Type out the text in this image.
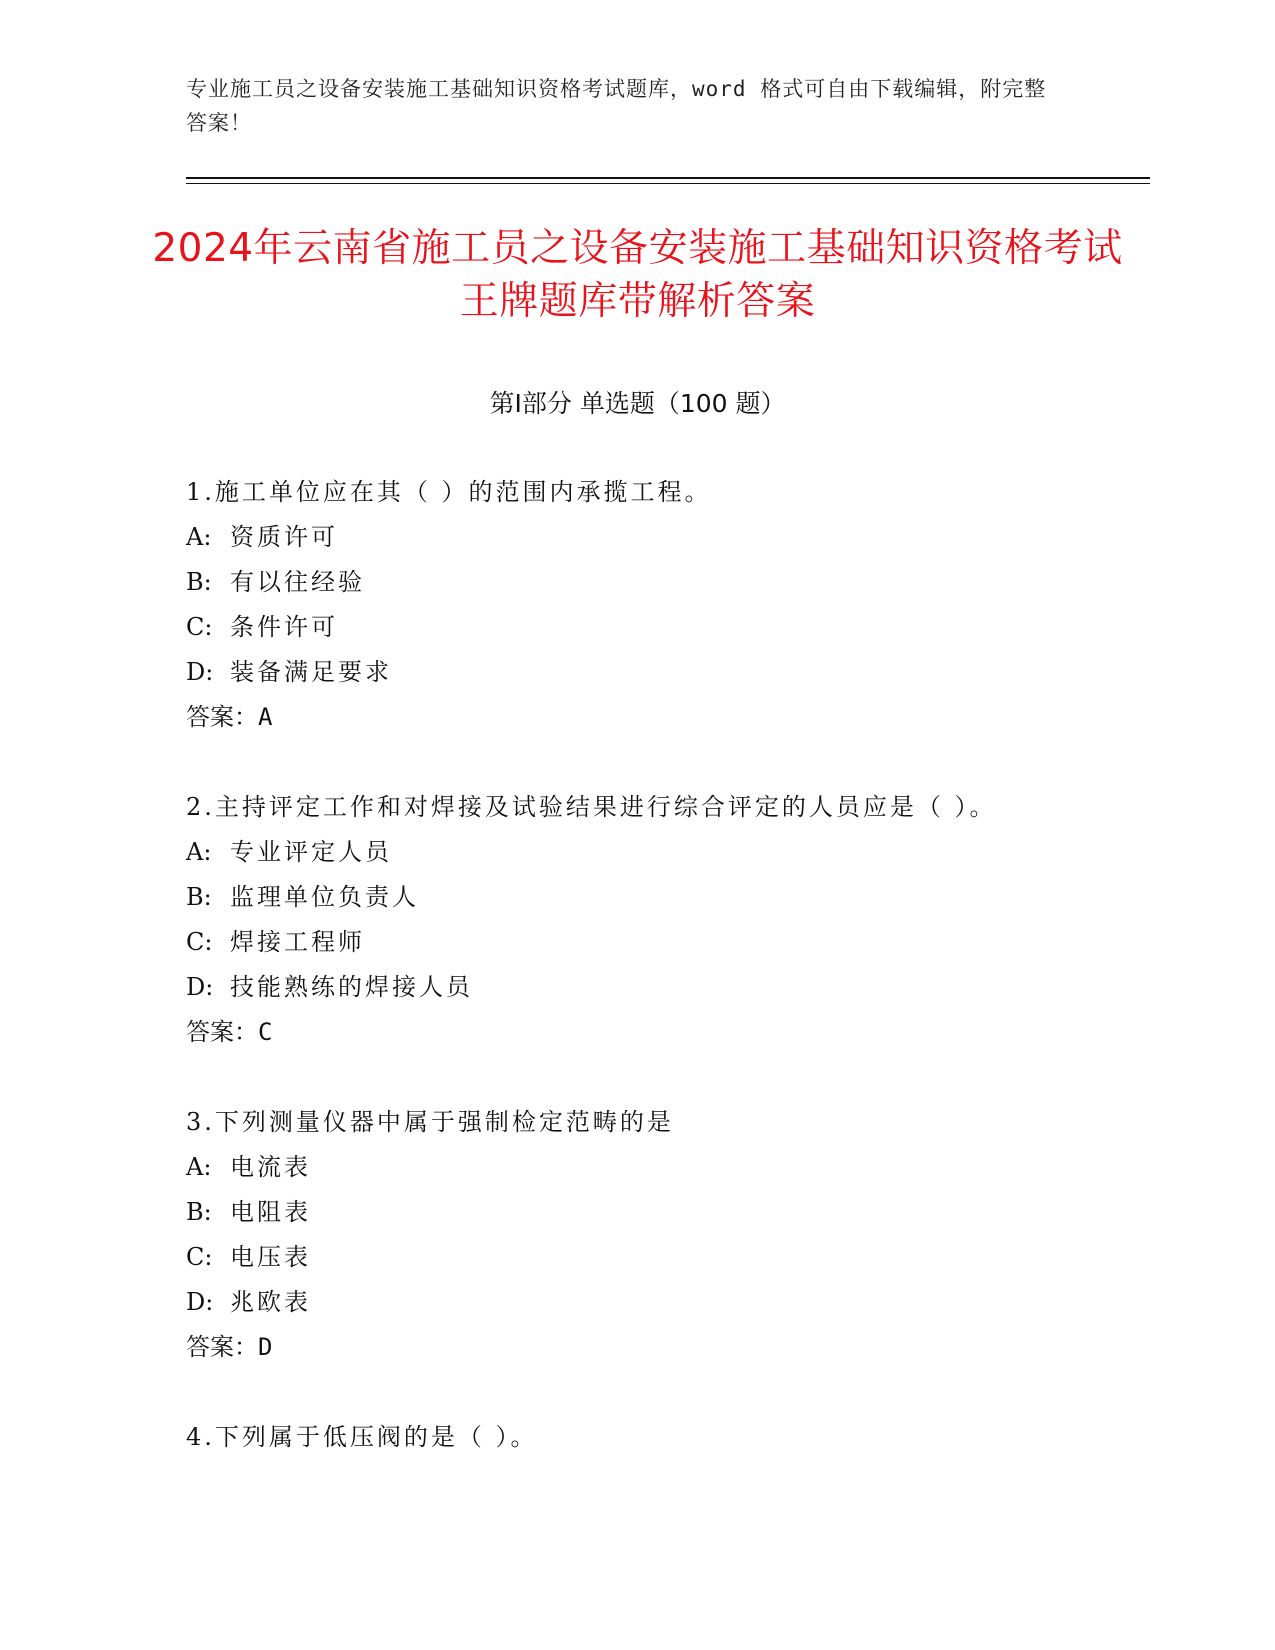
专业施工员之设备安装施工基础知识资格考试题库，word 格式可自由下载编辑，附完整答案！
2024年云南省施工员之设备安装施工基础知识资格考试王牌题库带解析答案
第Ⅰ部分 单选题（100 题）
1.施工单位应在其（ ）的范围内承揽工程。
A: 资质许可
B: 有以往经验
C: 条件许可
D: 装备满足要求
答案：A
2.主持评定工作和对焊接及试验结果进行综合评定的人员应是（ ）。
A: 专业评定人员
B: 监理单位负责人
C: 焊接工程师
D: 技能熟练的焊接人员
答案：C
3.下列测量仪器中属于强制检定范畴的是
A: 电流表
B: 电阻表
C: 电压表
D: 兆欧表
答案：D
4.下列属于低压阀的是（ ）。
